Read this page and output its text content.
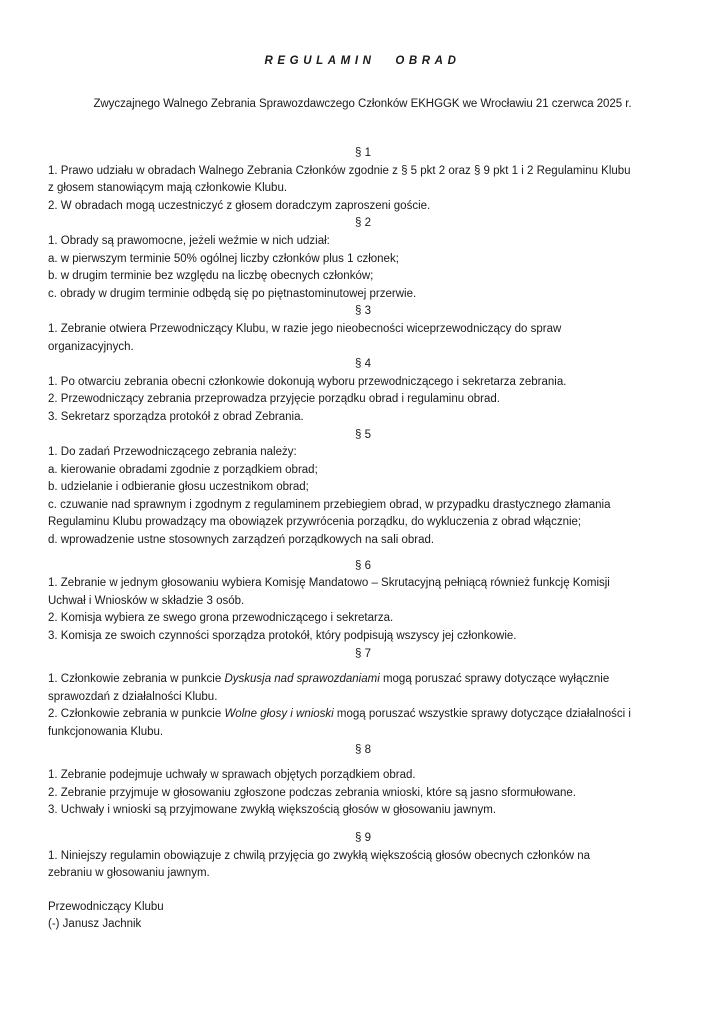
REGULAMIN OBRAD
Zwyczajnego Walnego Zebrania Sprawozdawczego Członków EKHGGK we Wrocławiu 21 czerwca 2025 r.

§ 1

1. Prawo udziału w obradach Walnego Zebrania Członków zgodnie z § 5 pkt 2 oraz § 9 pkt 1 i 2 Regulaminu Klubu

z głosem stanowiącym mają członkowie Klubu.

2. W obradach mogą uczestniczyć z głosem doradczym zaproszeni goście.

§ 2

1. Obrady są prawomocne, jeżeli weźmie w nich udział:

a. w pierwszym terminie 50% ogólnej liczby członków plus 1 członek;

b. w drugim terminie bez względu na liczbę obecnych członków;

c. obrady w drugim terminie odbędą się po piętnastominutowej przerwie.

§ 3

1. Zebranie otwiera Przewodniczący Klubu, w razie jego nieobecności wiceprzewodniczący do spraw

organizacyjnych.

§ 4

1. Po otwarciu zebrania obecni członkowie dokonują wyboru przewodniczącego i sekretarza zebrania.

2. Przewodniczący zebrania przeprowadza przyjęcie porządku obrad i regulaminu obrad.

3. Sekretarz sporządza protokół z obrad Zebrania.

§ 5

1. Do zadań Przewodniczącego zebrania należy:

a. kierowanie obradami zgodnie z porządkiem obrad;

b. udzielanie i odbieranie głosu uczestnikom obrad;

c. czuwanie nad sprawnym i zgodnym z regulaminem przebiegiem obrad, w przypadku drastycznego złamania

Regulaminu Klubu prowadzący ma obowiązek przywrócenia porządku, do wykluczenia z obrad włącznie;

d. wprowadzenie ustne stosownych zarządzeń porządkowych na sali obrad.

§ 6

1. Zebranie w jednym głosowaniu wybiera Komisję Mandatowo – Skrutacyjną pełniącą również funkcję Komisji

Uchwał i Wniosków w składzie 3 osób.

2. Komisja wybiera ze swego grona przewodniczącego i sekretarza.

3. Komisja ze swoich czynności sporządza protokół, który podpisują wszyscy jej członkowie.

§ 7

1. Członkowie zebrania w punkcie Dyskusja nad sprawozdaniami mogą poruszać sprawy dotyczące wyłącznie

sprawozdań z działalności Klubu.

2. Członkowie zebrania w punkcie Wolne głosy i wnioski mogą poruszać wszystkie sprawy dotyczące działalności i

funkcjonowania Klubu.

§ 8

1. Zebranie podejmuje uchwały w sprawach objętych porządkiem obrad.

2. Zebranie przyjmuje w głosowaniu zgłoszone podczas zebrania wnioski, które są jasno sformułowane.

3. Uchwały i wnioski są przyjmowane zwykłą większością głosów w głosowaniu jawnym.

§ 9

1. Niniejszy regulamin obowiązuje z chwilą przyjęcia go zwykłą większością głosów obecnych członków na

zebraniu w głosowaniu jawnym.

Przewodniczący Klubu

(-) Janusz Jachnik
